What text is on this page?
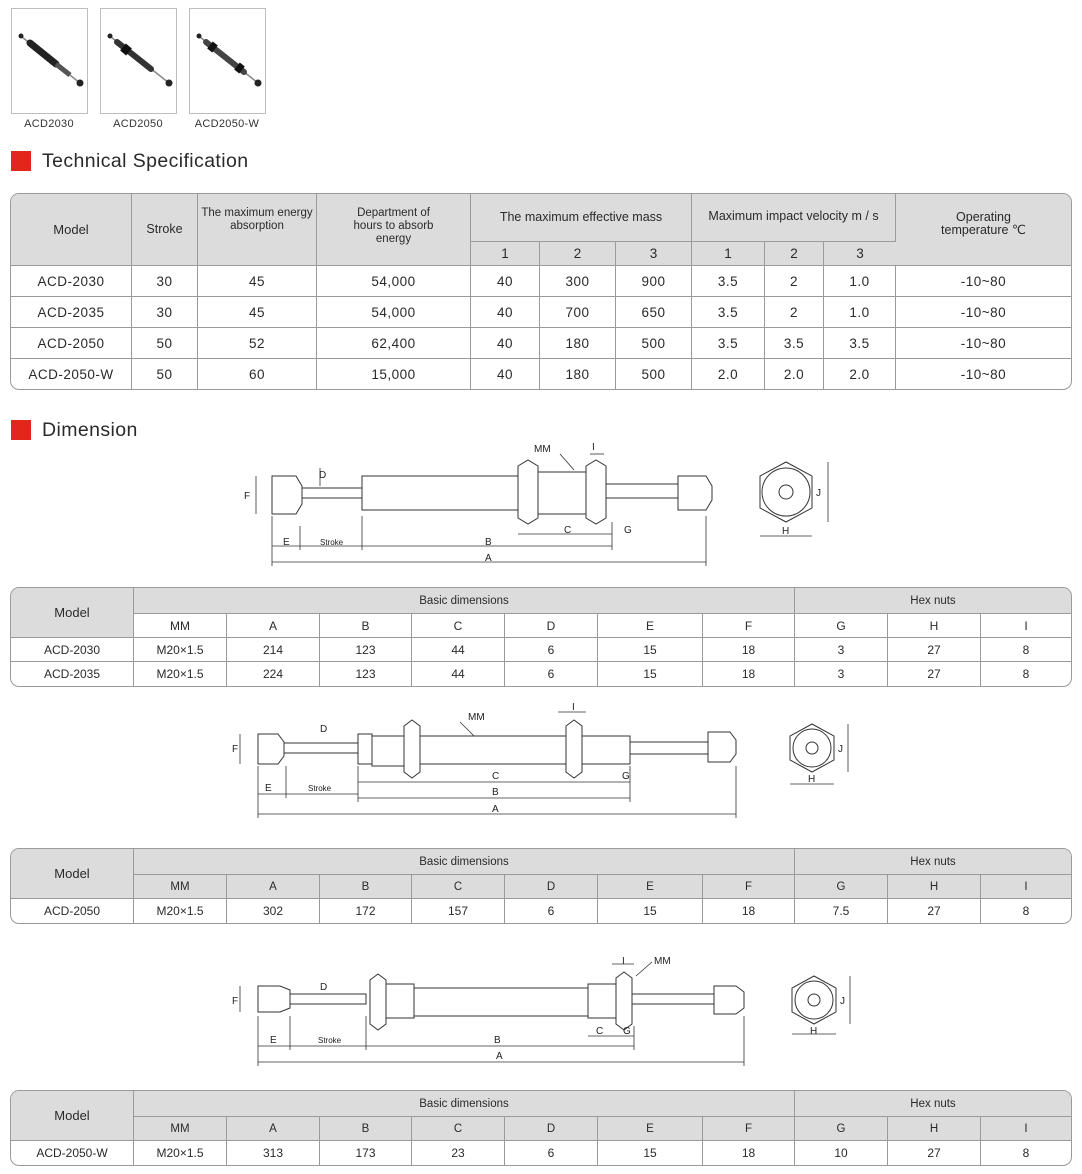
ACD2030	ACD2050	ACD2050-W
Technical Specification
Model	Stroke	The maximum energy absorption	Department of hours to absorb energy	The maximum effective mass			Maximum impact velocity m / s			Operating temperature ℃
				1	2	3	1	2	3	
ACD-2030	30	45	54,000	40	300	900	3.5	2	1.0	-10~80
ACD-2035	30	45	54,000	40	700	650	3.5	2	1.0	-10~80
ACD-2050	50	52	62,400	40	180	500	3.5	3.5	3.5	-10~80
ACD-2050-W	50	60	15,000	40	180	500	2.0	2.0	2.0	-10~80
Dimension
F
D
MM	I
E	Stroke	B
C	G
A
H
J
Model	Basic dimensions							Hex nuts		
	MM	A	B	C	D	E	F	G	H	I
ACD-2030	M20×1.5	214	123	44	6	15	18	3	27	8
ACD-2035	M20×1.5	224	123	44	6	15	18	3	27	8
F
D
MM
I
E	Stroke
C	G
B
A
H
J
Model	Basic dimensions							Hex nuts		
	MM	A	B	C	D	E	F	G	H	I
ACD-2050	M20×1.5	302	172	157	6	15	18	7.5	27	8
F
D
MM
I
E	Stroke	B
C G
A
H
J
Model	Basic dimensions							Hex nuts		
	MM	A	B	C	D	E	F	G	H	I
ACD-2050-W	M20×1.5	313	173	23	6	15	18	10	27	8
